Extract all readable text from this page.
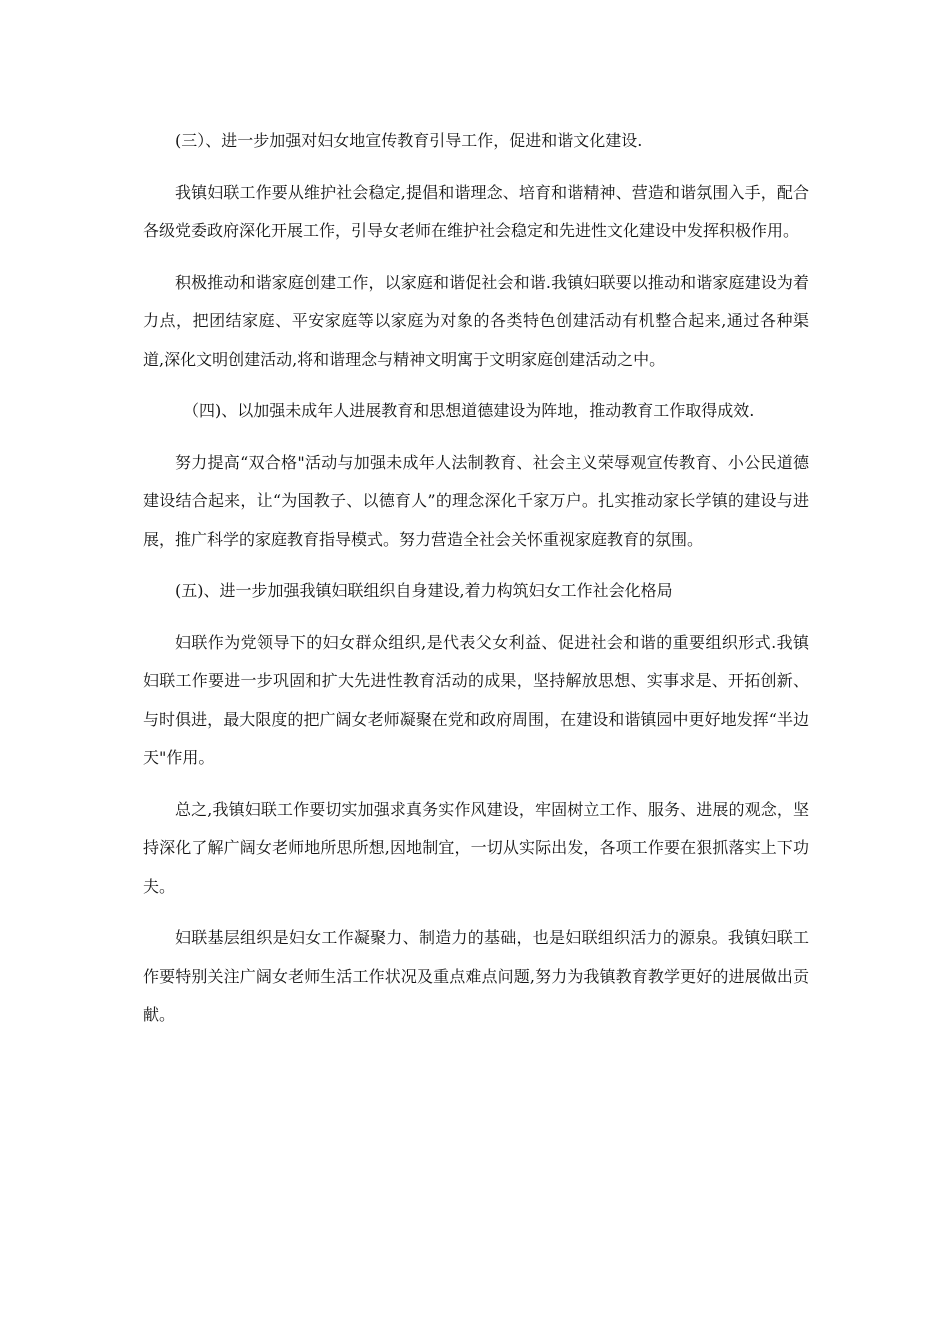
(三）、进一步加强对妇女地宣传教育引导工作，促进和谐文化建设.

我镇妇联工作要从维护社会稳定,提倡和谐理念、培育和谐精神、营造和谐氛围入手，配合各级党委政府深化开展工作，引导女老师在维护社会稳定和先进性文化建设中发挥积极作用。

积极推动和谐家庭创建工作，以家庭和谐促社会和谐.我镇妇联要以推动和谐家庭建设为着力点，把团结家庭、平安家庭等以家庭为对象的各类特色创建活动有机整合起来,通过各种渠道,深化文明创建活动,将和谐理念与精神文明寓于文明家庭创建活动之中。

（四)、以加强未成年人进展教育和思想道德建设为阵地，推动教育工作取得成效.

努力提高“双合格"活动与加强未成年人法制教育、社会主义荣辱观宣传教育、小公民道德建设结合起来，让“为国教子、以德育人”的理念深化千家万户。扎实推动家长学镇的建设与进展，推广科学的家庭教育指导模式。努力营造全社会关怀重视家庭教育的氛围。

(五)、进一步加强我镇妇联组织自身建设,着力构筑妇女工作社会化格局

妇联作为党领导下的妇女群众组织,是代表父女利益、促进社会和谐的重要组织形式.我镇妇联工作要进一步巩固和扩大先进性教育活动的成果，坚持解放思想、实事求是、开拓创新、与时俱进，最大限度的把广阔女老师凝聚在党和政府周围，在建设和谐镇园中更好地发挥“半边天"作用。

总之,我镇妇联工作要切实加强求真务实作风建设，牢固树立工作、服务、进展的观念，坚持深化了解广阔女老师地所思所想,因地制宜，一切从实际出发，各项工作要在狠抓落实上下功夫。

妇联基层组织是妇女工作凝聚力、制造力的基础，也是妇联组织活力的源泉。我镇妇联工作要特别关注广阔女老师生活工作状况及重点难点问题,努力为我镇教育教学更好的进展做出贡献。
